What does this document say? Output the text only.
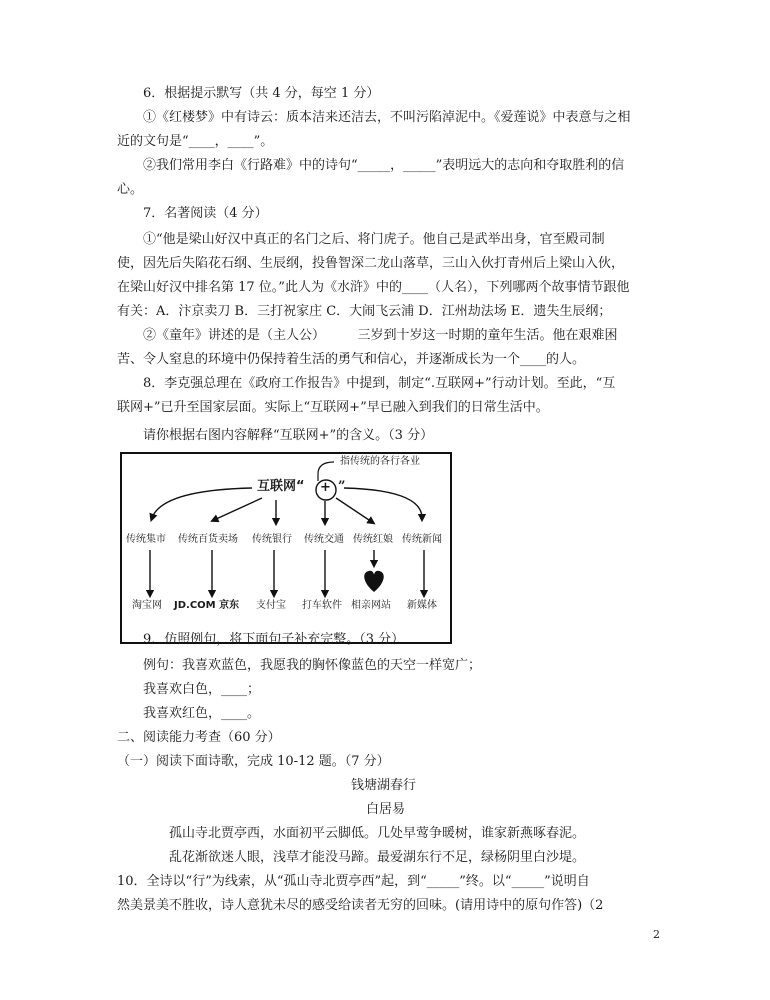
6．根据提示默写（共 4 分，每空 1 分）
①《红楼梦》中有诗云：质本洁来还洁去，不叫污陷淖泥中。《爱莲说》中表意与之相
近的文句是“____，____”。
②我们常用李白《行路难》中的诗句“_____，_____”表明远大的志向和夺取胜利的信
心。
7．名著阅读（4 分）
①“他是梁山好汉中真正的名门之后、将门虎子。他自己是武举出身，官至殿司制
使，因先后失陷花石纲、生辰纲，投鲁智深二龙山落草，三山入伙打青州后上梁山入伙，
在梁山好汉中排名第 17 位。”此人为《水浒》中的____（人名），下列哪两个故事情节跟他
有关：A．汴京卖刀 B．三打祝家庄 C．大闹飞云浦 D．江州劫法场 E．遗失生辰纲；
②《童年》讲述的是（主人公）　　　三岁到十岁这一时期的童年生活。他在艰难困
苦、令人窒息的环境中仍保持着生活的勇气和信心，并逐渐成长为一个____的人。
8．李克强总理在《政府工作报告》中提到，制定“.互联网+”行动计划。至此，“互
联网+”已升至国家层面。实际上“互联网+”早已融入到我们的日常生活中。
指传统的各行各业
互联网“ + ”
传统集市 传统百货卖场 传统银行 传统交通 传统红娘 传统新闻
淘宝网 JD.COM 京东 支付宝 打车软件 相亲网站 新媒体
请你根据右图内容解释“互联网+”的含义。（3 分）
9．仿照例句，将下面句子补充完整。（3 分）
例句：我喜欢蓝色，我愿我的胸怀像蓝色的天空一样宽广；
我喜欢白色，____；
我喜欢红色，____。
二、阅读能力考查（60 分）
（一）阅读下面诗歌，完成 10-12 题。（7 分）
钱塘湖春行
白居易
孤山寺北贾亭西，水面初平云脚低。几处早莺争暖树，谁家新燕啄春泥。
乱花渐欲迷人眼，浅草才能没马蹄。最爱湖东行不足，绿杨阴里白沙堤。
10．全诗以“行”为线索，从“孤山寺北贾亭西”起，到“_____”终。以“_____”说明自
然美景美不胜收，诗人意犹未尽的感受给读者无穷的回味。(请用诗中的原句作答)（2
2
